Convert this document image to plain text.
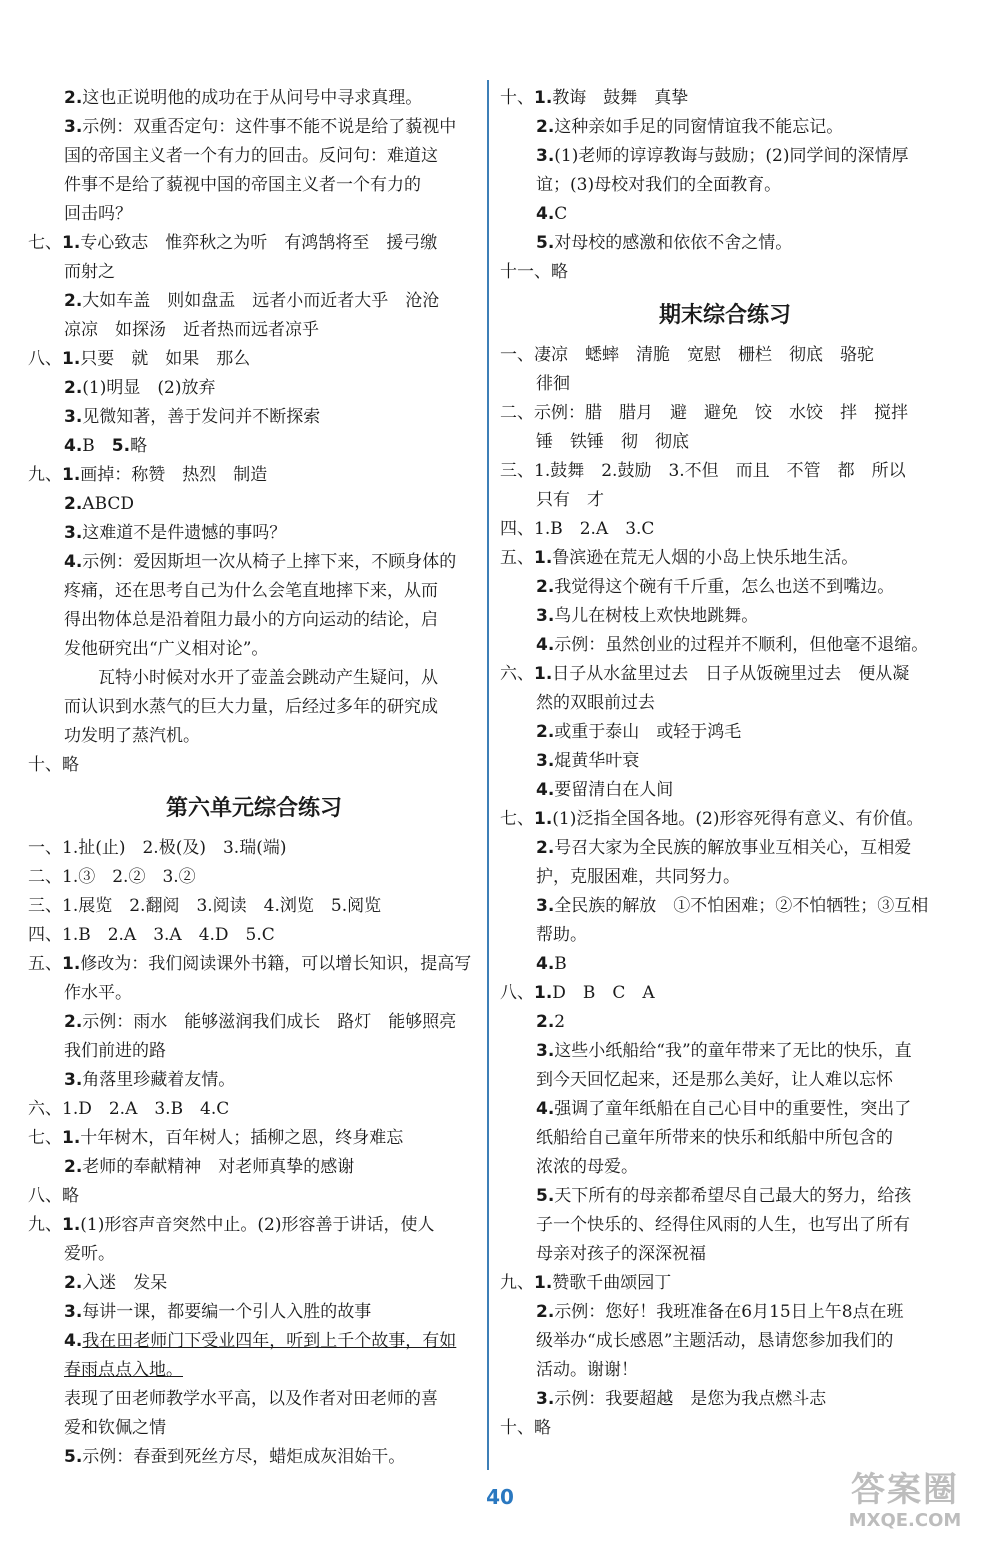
2.这也正说明他的成功在于从问号中寻求真理。
3.示例：双重否定句：这件事不能不说是给了藐视中
国的帝国主义者一个有力的回击。反问句：难道这
件事不是给了藐视中国的帝国主义者一个有力的
回击吗？
七、1.专心致志　惟弈秋之为听　有鸿鹄将至　援弓缴
而射之
2.大如车盖　则如盘盂　远者小而近者大乎　沧沧
凉凉　如探汤　近者热而远者凉乎
八、1.只要　就　如果　那么
2.(1)明显　(2)放弃
3.见微知著，善于发问并不断探索
4.B　5.略
九、1.画掉：称赞　热烈　制造
2.ABCD
3.这难道不是件遗憾的事吗？
4.示例：爱因斯坦一次从椅子上摔下来，不顾身体的
疼痛，还在思考自己为什么会笔直地摔下来，从而
得出物体总是沿着阻力最小的方向运动的结论，启
发他研究出“广义相对论”。
瓦特小时候对水开了壶盖会跳动产生疑问，从
而认识到水蒸气的巨大力量，后经过多年的研究成
功发明了蒸汽机。
十、略
第六单元综合练习
一、1.扯(止)　2.极(及)　3.瑞(端)
二、1.③　2.②　3.②
三、1.展览　2.翻阅　3.阅读　4.浏览　5.阅览
四、1.B　2.A　3.A　4.D　5.C
五、1.修改为：我们阅读课外书籍，可以增长知识，提高写
作水平。
2.示例：雨水　能够滋润我们成长　路灯　能够照亮
我们前进的路
3.角落里珍藏着友情。
六、1.D　2.A　3.B　4.C
七、1.十年树木，百年树人；插柳之恩，终身难忘
2.老师的奉献精神　对老师真挚的感谢
八、略
九、1.(1)形容声音突然中止。(2)形容善于讲话，使人
爱听。
2.入迷　发呆
3.每讲一课，都要编一个引人入胜的故事
4.我在田老师门下受业四年，听到上千个故事，有如
春雨点点入地。
表现了田老师教学水平高，以及作者对田老师的喜
爱和钦佩之情
5.示例：春蚕到死丝方尽，蜡炬成灰泪始干。
十、1.教诲　鼓舞　真挚
2.这种亲如手足的同窗情谊我不能忘记。
3.(1)老师的谆谆教诲与鼓励；(2)同学间的深情厚
谊；(3)母校对我们的全面教育。
4.C
5.对母校的感激和依依不舍之情。
十一、略
期末综合练习
一、凄凉　蟋蟀　清脆　宽慰　栅栏　彻底　骆驼
徘徊
二、示例：腊　腊月　避　避免　饺　水饺　拌　搅拌
锤　铁锤　彻　彻底
三、1.鼓舞　2.鼓励　3.不但　而且　不管　都　所以
只有　才
四、1.B　2.A　3.C
五、1.鲁滨逊在荒无人烟的小岛上快乐地生活。
2.我觉得这个碗有千斤重，怎么也送不到嘴边。
3.鸟儿在树枝上欢快地跳舞。
4.示例：虽然创业的过程并不顺利，但他毫不退缩。
六、1.日子从水盆里过去　日子从饭碗里过去　便从凝
然的双眼前过去
2.或重于泰山　或轻于鸿毛
3.焜黄华叶衰
4.要留清白在人间
七、1.(1)泛指全国各地。(2)形容死得有意义、有价值。
2.号召大家为全民族的解放事业互相关心，互相爱
护，克服困难，共同努力。
3.全民族的解放　①不怕困难；②不怕牺牲；③互相
帮助。
4.B
八、1.D　B　C　A
2.2
3.这些小纸船给“我”的童年带来了无比的快乐，直
到今天回忆起来，还是那么美好，让人难以忘怀
4.强调了童年纸船在自己心目中的重要性，突出了
纸船给自己童年所带来的快乐和纸船中所包含的
浓浓的母爱。
5.天下所有的母亲都希望尽自己最大的努力，给孩
子一个快乐的、经得住风雨的人生，也写出了所有
母亲对孩子的深深祝福
九、1.赞歌千曲颂园丁
2.示例：您好！我班准备在6月15日上午8点在班
级举办“成长感恩”主题活动，恳请您参加我们的
活动。谢谢！
3.示例：我要超越　是您为我点燃斗志
十、略
40	答案圈
MXQE.COM
